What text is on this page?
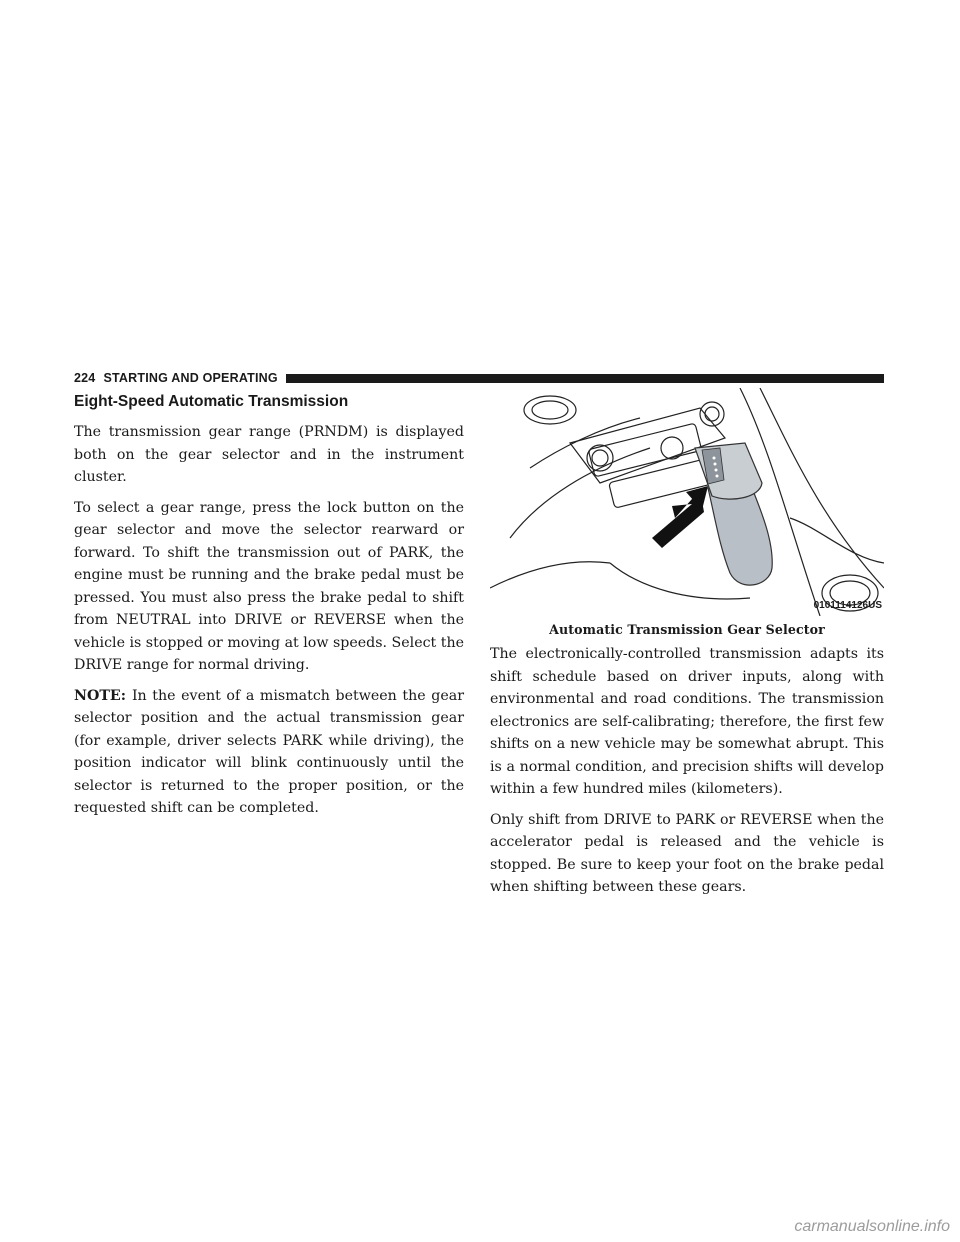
224 STARTING AND OPERATING
Eight-Speed Automatic Transmission

The transmission gear range (PRNDM) is displayed both on the gear selector and in the instrument cluster.

To select a gear range, press the lock button on the gear selector and move the selector rearward or forward. To shift the transmission out of PARK, the engine must be running and the brake pedal must be pressed. You must also press the brake pedal to shift from NEUTRAL into DRIVE or REVERSE when the vehicle is stopped or moving at low speeds. Select the DRIVE range for normal driving.

NOTE: In the event of a mismatch between the gear selector position and the actual transmission gear (for example, driver selects PARK while driving), the position indicator will blink continuously until the selector is returned to the proper position, or the requested shift can be completed.

0101114126US
Automatic Transmission Gear Selector

The electronically-controlled transmission adapts its shift schedule based on driver inputs, along with environmental and road conditions. The transmission electronics are self-calibrating; therefore, the first few shifts on a new vehicle may be somewhat abrupt. This is a normal condition, and precision shifts will develop within a few hundred miles (kilometers).

Only shift from DRIVE to PARK or REVERSE when the accelerator pedal is released and the vehicle is stopped. Be sure to keep your foot on the brake pedal when shifting between these gears.

carmanualsonline.info
